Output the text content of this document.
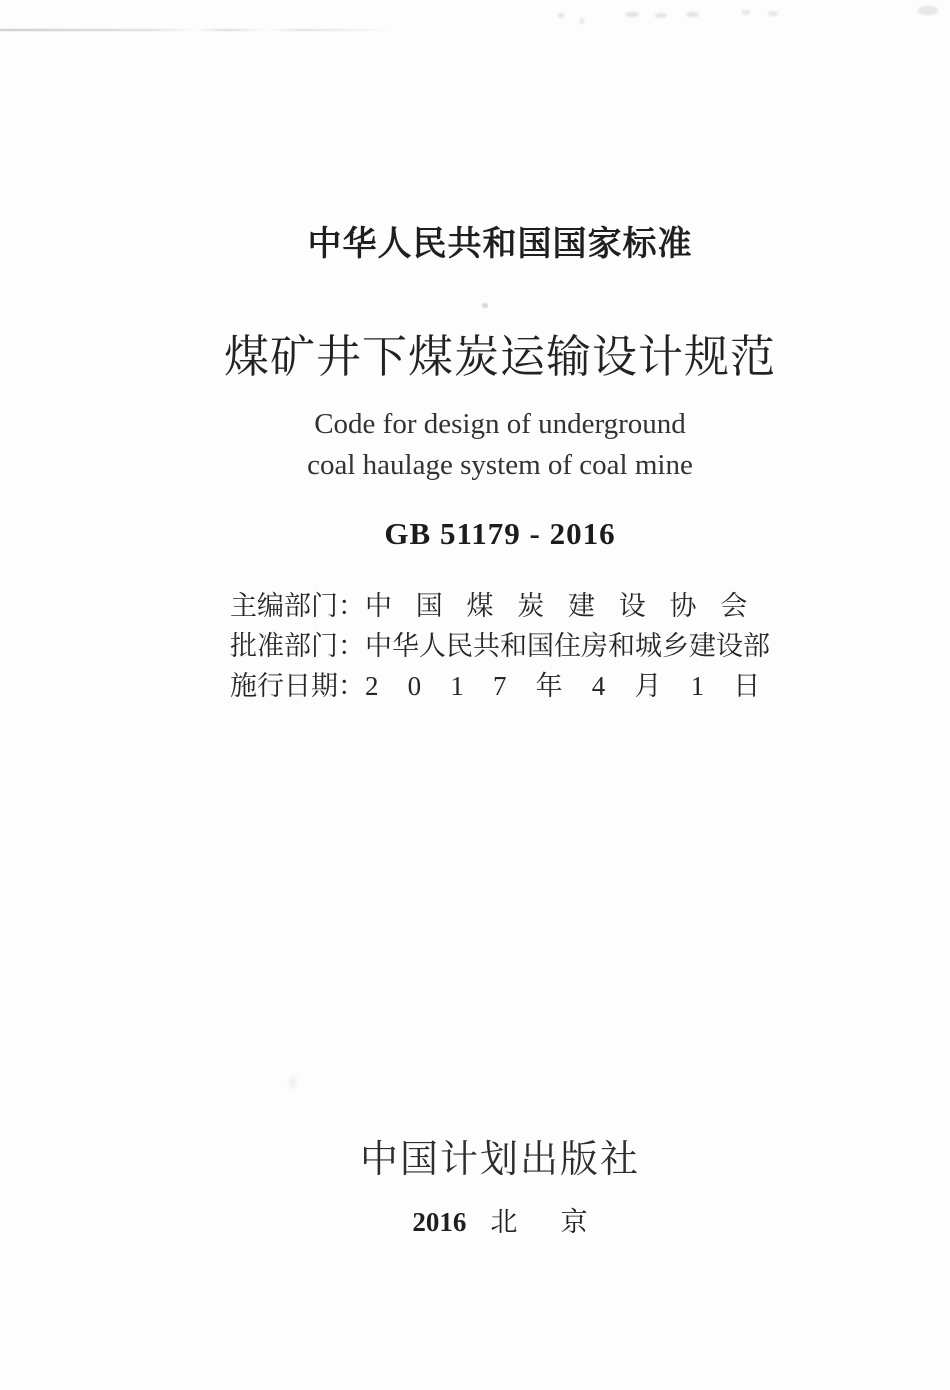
中华人民共和国国家标准
煤矿井下煤炭运输设计规范
Code for design of underground
coal haulage system of coal mine
GB 51179 - 2016
主编部门：中国煤炭建设协会
批准部门：中华人民共和国住房和城乡建设部
施行日期：2017年4月1日
中国计划出版社
2016 北京
